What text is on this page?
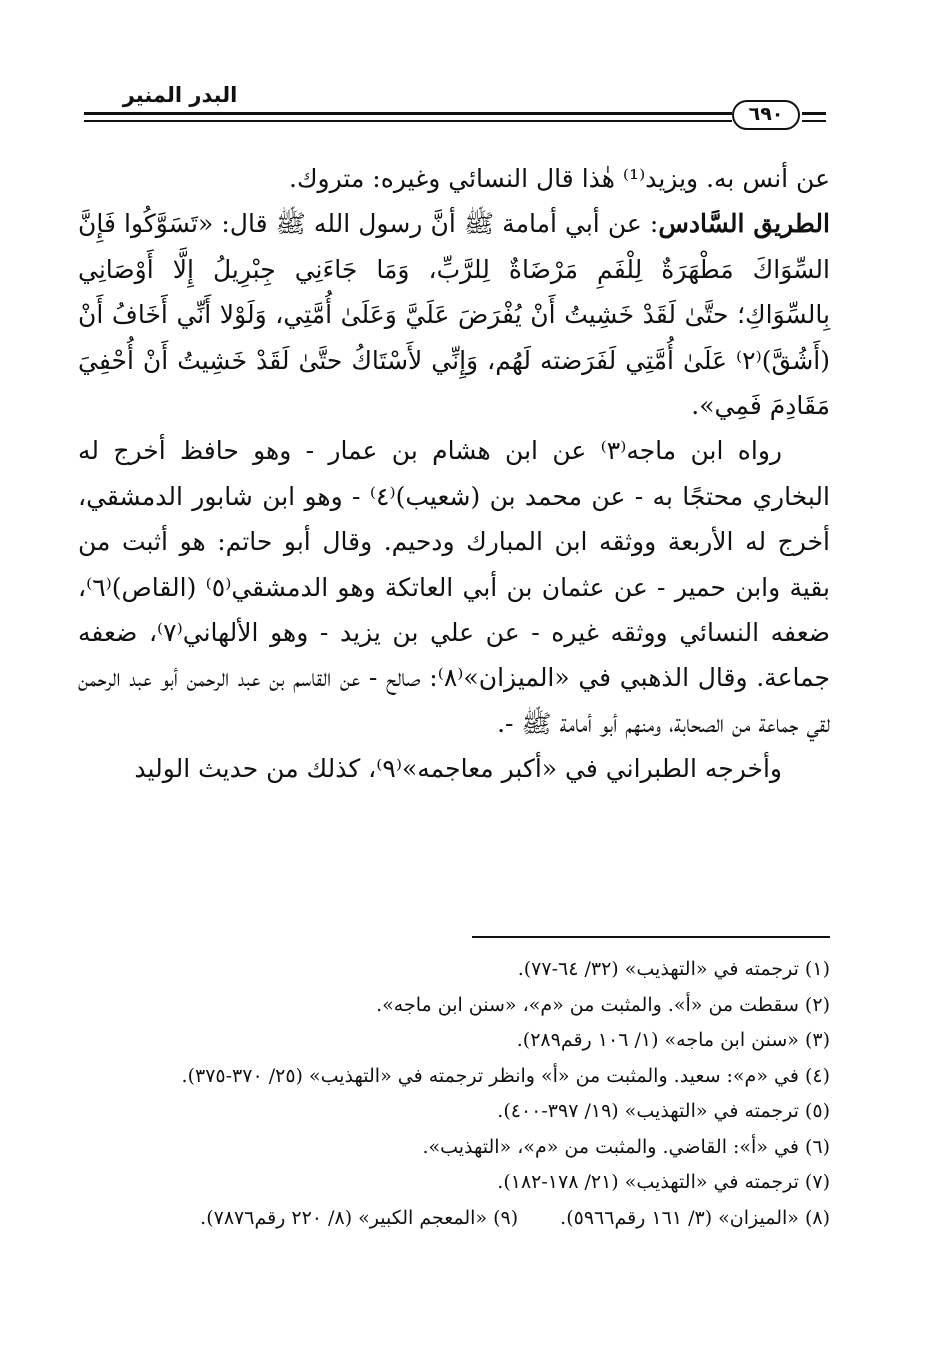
البدر المنير
٦٩٠

عن أنس به. ويزيد⁽¹⁾ هٰذا قال النسائي وغيره: متروك.

الطريق السَّادس: عن أبي أمامة ﷺ أنَّ رسول الله ﷺ قال: «تَسَوَّكُوا فَإِنَّ السِّوَاكَ مَطْهَرَةٌ لِلْفَمِ مَرْضَاةٌ لِلرَّبِّ، وَمَا جَاءَنِي جِبْرِيلُ إِلَّا أَوْصَانِي بِالسِّوَاكِ؛ حتَّىٰ لَقَدْ خَشِيتُ أَنْ يُفْرَضَ عَلَيَّ وَعَلَىٰ أُمَّتِي، وَلَوْلا أَنِّي أَخَافُ أَنْ (أَشُقَّ)⁽٢⁾ عَلَىٰ أُمَّتِي لَفَرَضته لَهُم، وَإِنِّي لأَسْتَاكُ حتَّىٰ لَقَدْ خَشِيتُ أَنْ أُحْفِيَ مَقَادِمَ فَمِي».

رواه ابن ماجه⁽٣⁾ عن ابن هشام بن عمار - وهو حافظ أخرج له البخاري محتجًا به - عن محمد بن (شعيب)⁽٤⁾ - وهو ابن شابور الدمشقي، أخرج له الأربعة ووثقه ابن المبارك ودحيم. وقال أبو حاتم: هو أثبت من بقية وابن حمير - عن عثمان بن أبي العاتكة وهو الدمشقي⁽٥⁾ (القاص)⁽٦⁾، ضعفه النسائي ووثقه غيره - عن علي بن يزيد - وهو الألهاني⁽٧⁾، ضعفه جماعة. وقال الذهبي في «الميزان»⁽٨⁾: صالح - عن القاسم بن عبد الرحمن أبو عبد الرحمن لقي جماعة من الصحابة، ومنهم أبو أمامة ﷺ -.

وأخرجه الطبراني في «أكبر معاجمه»⁽٩⁾، كذلك من حديث الوليد

(١) ترجمته في «التهذيب» (٣٢/ ٦٤-٧٧).
(٢) سقطت من «أ». والمثبت من «م»، «سنن ابن ماجه».
(٣) «سنن ابن ماجه» (١/ ١٠٦ رقم٢٨٩).
(٤) في «م»: سعيد. والمثبت من «أ» وانظر ترجمته في «التهذيب» (٢٥/ ٣٧٠-٣٧٥).
(٥) ترجمته في «التهذيب» (١٩/ ٣٩٧-٤٠٠).
(٦) في «أ»: القاضي. والمثبت من «م»، «التهذيب».
(٧) ترجمته في «التهذيب» (٢١/ ١٧٨-١٨٢).
(٨) «الميزان» (٣/ ١٦١ رقم٥٩٦٦).(٩) «المعجم الكبير» (٨/ ٢٢٠ رقم٧٨٧٦).
